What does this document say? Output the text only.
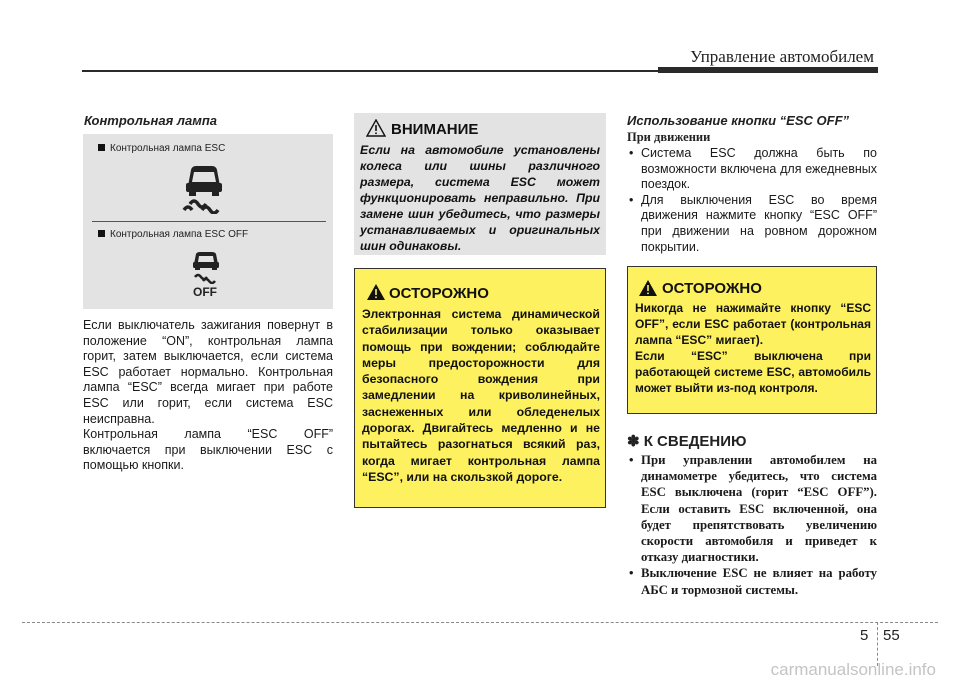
Управление автомобилем
Контрольная лампа
Контрольная лампа ESC
Контрольная лампа ESC OFF
OFF
Если выключатель зажигания повернут в положение “ON”, контрольная лампа горит, затем выключается, если система ESC работает нормально. Контрольная лампа “ESC” всегда мигает при работе ESC или горит, если система ESC неисправна.
Контрольная лампа “ESC OFF” включается при выключении ESC с помощью кнопки.
ВНИМАНИЕ
Если на автомобиле установлены колеса или шины различного размера, система ESC может функционировать неправильно. При замене шин убедитесь, что размеры устанавливаемых и оригинальных шин одинаковы.
ОСТОРОЖНО
Электронная система динамической стабилизации только оказывает помощь при вождении; соблюдайте меры предосторожности для безопасного вождения при замедлении на криволинейных, заснеженных или обледенелых дорогах. Двигайтесь медленно и не пытайтесь разогнаться всякий раз, когда мигает контрольная лампа “ESC”, или на скользкой дороге.
Использование кнопки “ESC OFF”
При движении
• Система ESC должна быть по возможности включена для ежедневных поездок.
• Для выключения ESC во время движения нажмите кнопку “ESC OFF” при движении на ровном дорожном покрытии.
ОСТОРОЖНО
Никогда не нажимайте кнопку “ESC OFF”, если ESC работает (контрольная лампа “ESC” мигает).
Если “ESC” выключена при работающей системе ESC, автомобиль может выйти из-под контроля.
✽ К СВЕДЕНИЮ
• При управлении автомобилем на динамометре убедитесь, что система ESC выключена (горит “ESC OFF”). Если оставить ESC включенной, она будет препятствовать увеличению скорости автомобиля и приведет к отказу диагностики.
• Выключение ESC не влияет на работу АБС и тормозной системы.
5 55
carmanualsonline.info
